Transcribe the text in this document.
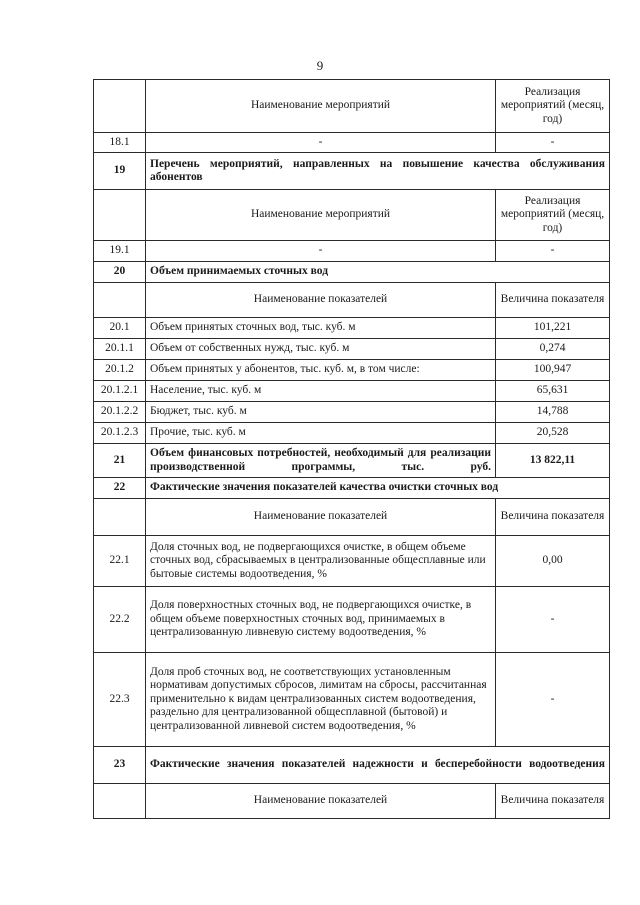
9
	Наименование мероприятий	Реализация мероприятий (месяц, год)
18.1	-	-
19	Перечень мероприятий, направленных на повышение качества обслуживания абонентов	
	Наименование мероприятий	Реализация мероприятий (месяц, год)
19.1	-	-
20	Объем принимаемых сточных вод	
	Наименование показателей	Величина показателя
20.1	Объем принятых сточных вод, тыс. куб. м	101,221
20.1.1	Объем от собственных нужд, тыс. куб. м	0,274
20.1.2	Объем принятых у абонентов, тыс. куб. м, в том числе:	100,947
20.1.2.1	Население, тыс. куб. м	65,631
20.1.2.2	Бюджет, тыс. куб. м	14,788
20.1.2.3	Прочие, тыс. куб. м	20,528
21	Объем финансовых потребностей, необходимый для реализации производственной программы, тыс. руб.	13 822,11
22	Фактические значения показателей качества очистки сточных вод	
	Наименование показателей	Величина показателя
22.1	Доля сточных вод, не подвергающихся очистке, в общем объеме сточных вод, сбрасываемых в централизованные общесплавные или бытовые системы водоотведения, %	0,00
22.2	Доля поверхностных сточных вод, не подвергающихся очистке, в общем объеме поверхностных сточных вод, принимаемых в централизованную ливневую систему водоотведения, %	-
22.3	Доля проб сточных вод, не соответствующих установленным нормативам допустимых сбросов, лимитам на сбросы, рассчитанная применительно к видам централизованных систем водоотведения, раздельно для централизованной общесплавной (бытовой) и централизованной ливневой систем водоотведения, %	-
23	Фактические значения показателей надежности и бесперебойности водоотведения	
	Наименование показателей	Величина показателя
